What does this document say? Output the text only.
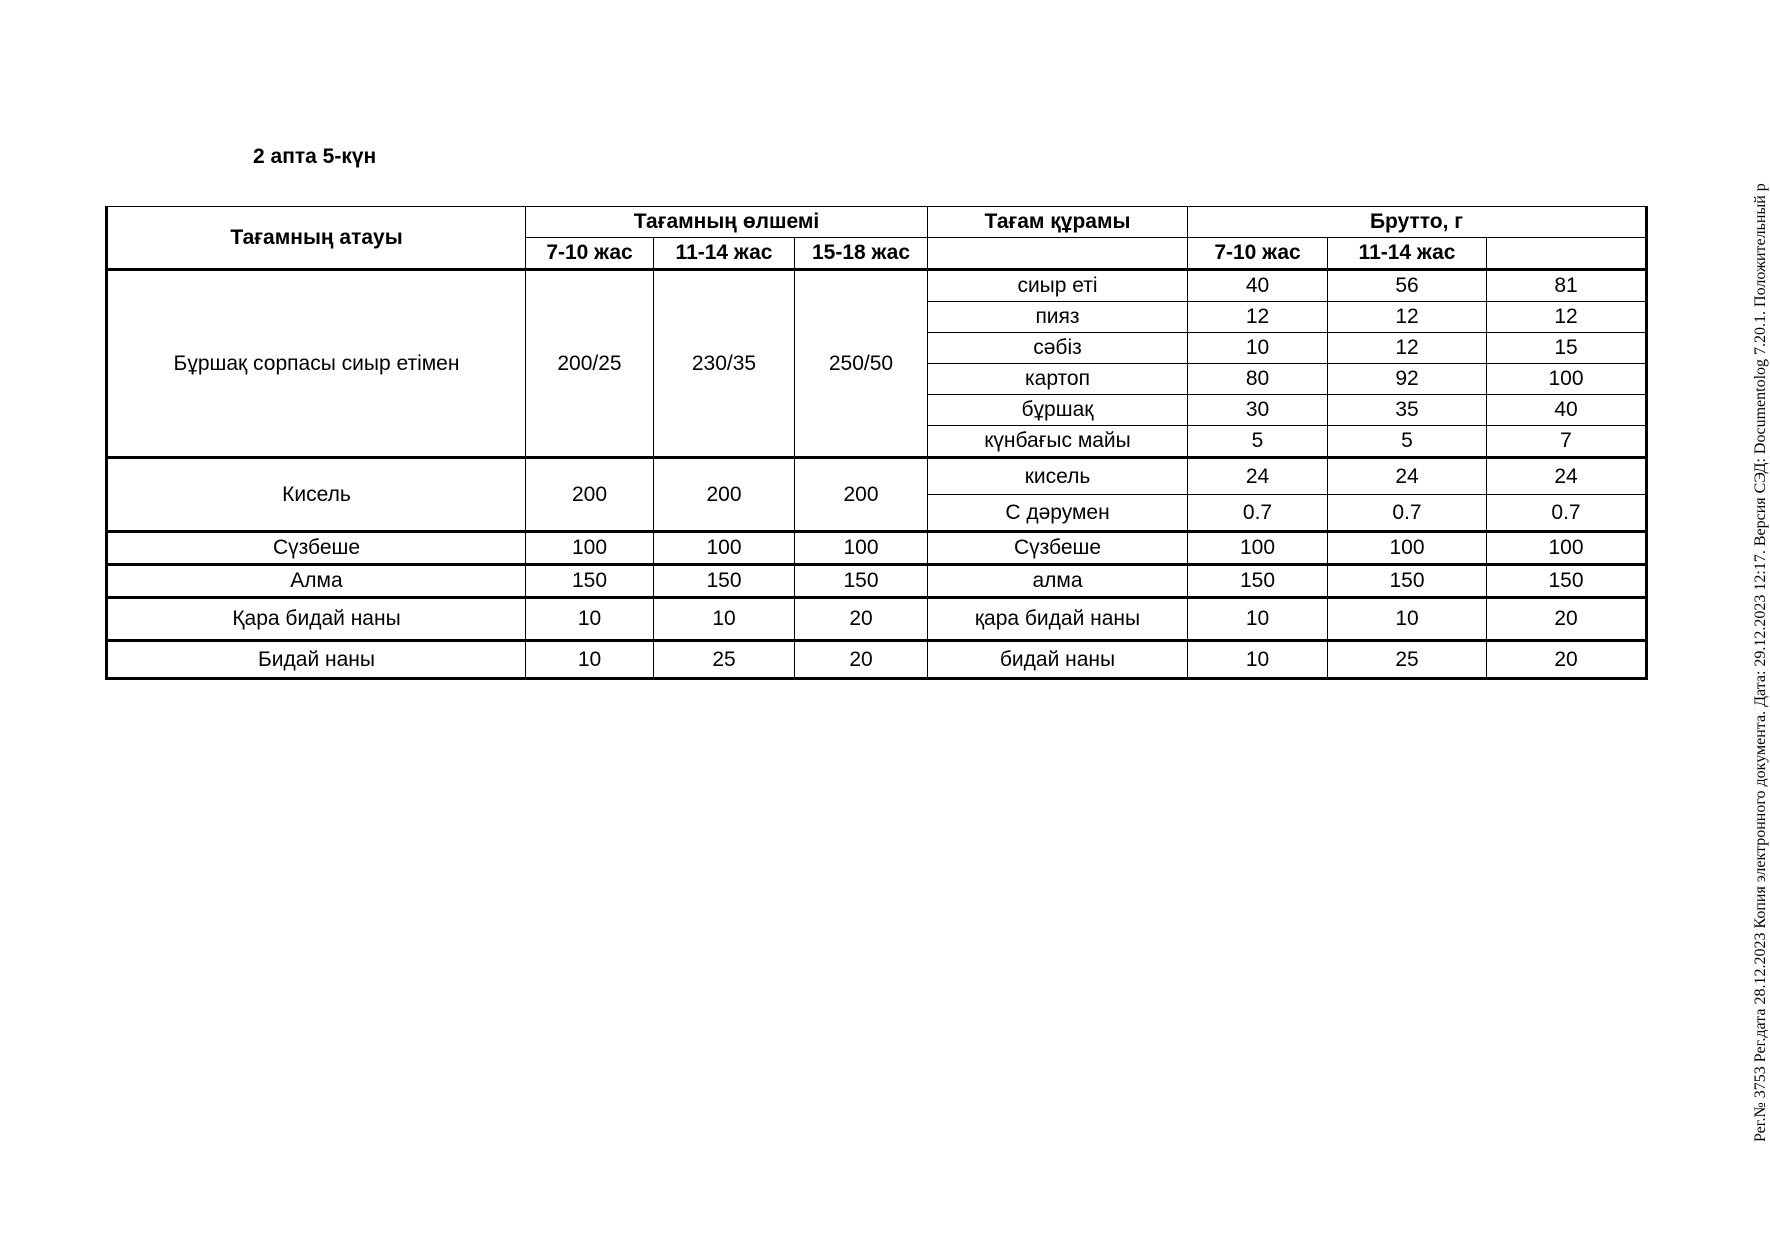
2 апта 5-күн
Тағамның атауы	Тағамның өлшемі			Тағам құрамы	Брутто, г		
	7-10 жас	11-14 жас	15-18 жас		7-10 жас	11-14 жас	
Бұршақ сорпасы сиыр етімен	200/25	230/35	250/50	сиыр еті	40	56	81
				пияз	12	12	12
				сәбіз	10	12	15
				картоп	80	92	100
				бұршақ	30	35	40
				күнбағыс майы	5	5	7
Кисель	200	200	200	кисель	24	24	24
				С дәрумен	0.7	0.7	0.7
Сүзбеше	100	100	100	Сүзбеше	100	100	100
Алма	150	150	150	алма	150	150	150
Қара бидай наны	10	10	20	қара бидай наны	10	10	20
Бидай наны	10	25	20	бидай наны	10	25	20	Рег.№ 3753 Рег.дата 28.12.2023 Копия электронного документа. Дата: 29.12.2023 12:17. Версия СЭД: Documentolog 7.20.1. Положительный р
